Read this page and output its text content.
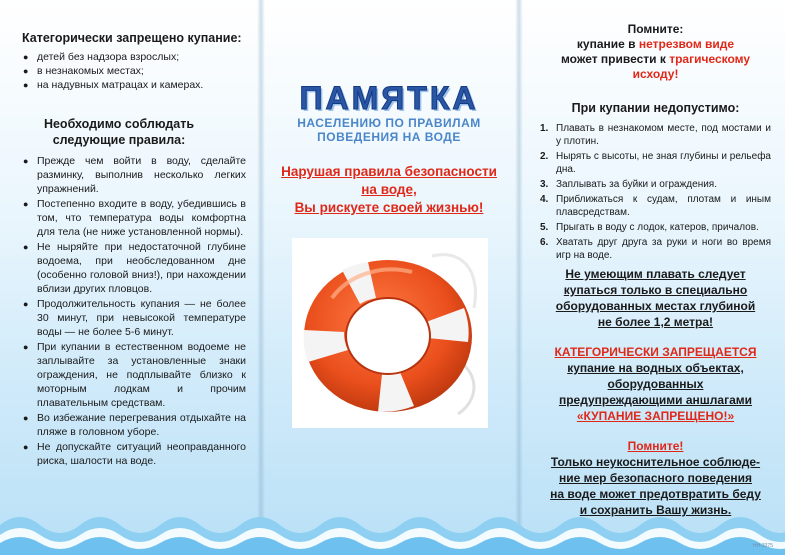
Категорически запрещено купание:
● детей без надзора взрослых;
● в незнакомых местах;
● на надувных матрацах и камерах.
Необходимо соблюдать следующие правила:
● Прежде чем войти в воду, сделайте разминку, выполнив несколько легких упражнений.
● Постепенно входите в воду, убедившись в том, что температура воды комфортна для тела (не ниже установленной нормы).
● Не ныряйте при недостаточной глубине водоема, при необследованном дне (особенно головой вниз!), при нахождении вблизи других пловцов.
● Продолжительность купания — не более 30 минут, при невысокой температуре воды — не более 5-6 минут.
● При купании в естественном водоеме не заплывайте за установленные знаки ограждения, не подплывайте близко к моторным лодкам и прочим плавательным средствам.
● Во избежание перегревания отдыхайте на пляже в головном уборе.
● Не допускайте ситуаций неоправданного риска, шалости на воде.
ПАМЯТКА
НАСЕЛЕНИЮ ПО ПРАВИЛАМ
ПОВЕДЕНИЯ НА ВОДЕ
Нарушая правила безопасности
на воде,
Вы рискуете своей жизнью!
Помните:
купание в нетрезвом виде
может привести к трагическому исходу!
При купании недопустимо:
1. Плавать в незнакомом месте, под мостами и у плотин.
2. Нырять с высоты, не зная глубины и рельефа дна.
3. Заплывать за буйки и ограждения.
4. Приближаться к судам, плотам и иным плавсредствам.
5. Прыгать в воду с лодок, катеров, причалов.
6. Хватать друг друга за руки и ноги во время игр на воде.
Не умеющим плавать следует
купаться только в специально
оборудованных местах глубиной
не более 1,2 метра!
КАТЕГОРИЧЕСКИ ЗАПРЕЩАЕТСЯ
купание на водных объектах,
оборудованных
предупреждающими аншлагами
«КУПАНИЕ ЗАПРЕЩЕНО!»
Помните!
Только неукоснительное соблюде-
ние мер безопасного поведения
на воде может предотвратить беду
и сохранить Вашу жизнь.
НН-3375
